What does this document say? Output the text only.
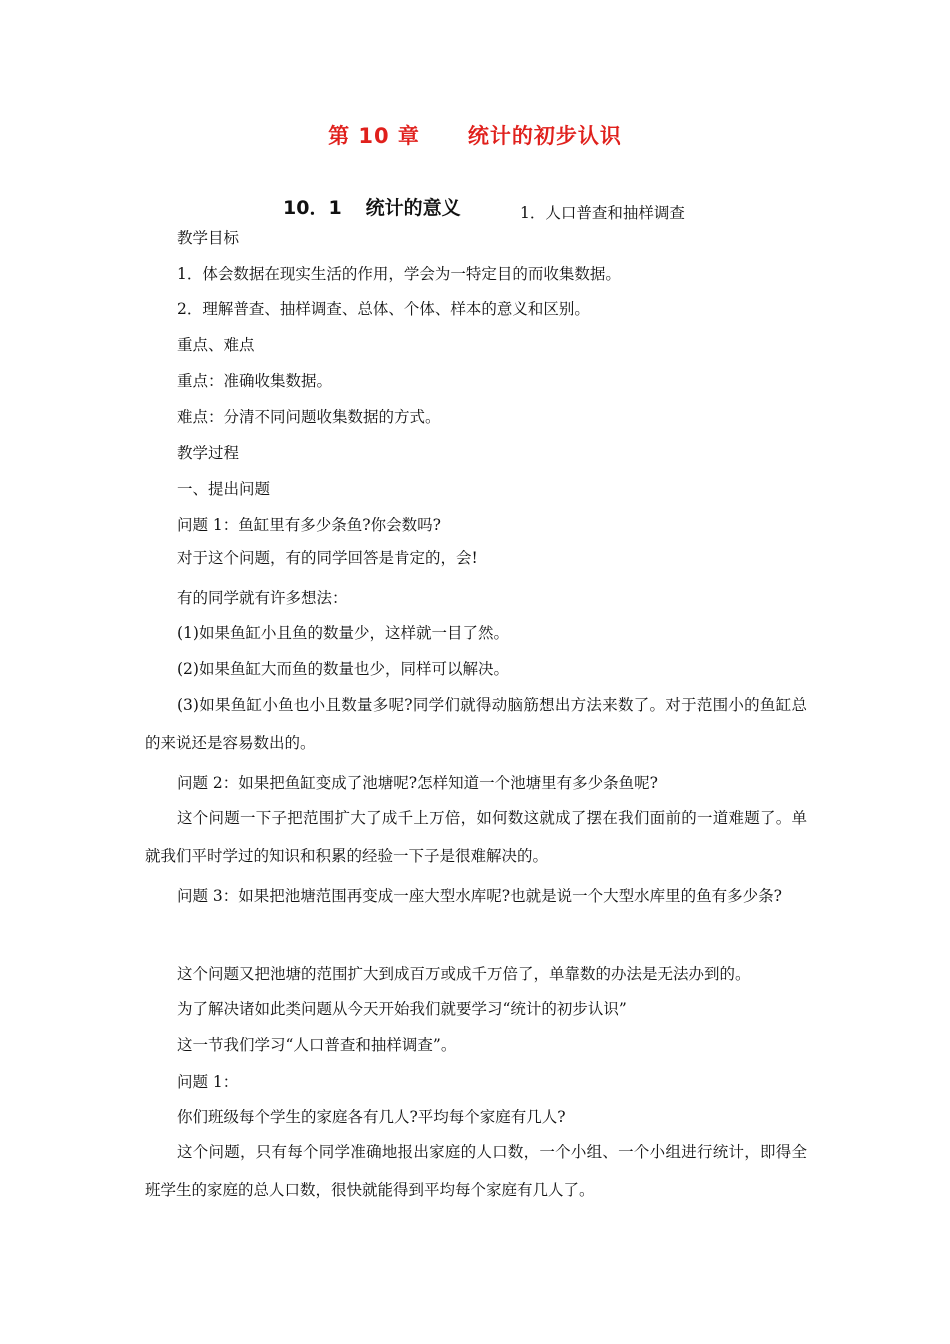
第 10 章 统计的初步认识
10．1 统计的意义	1．人口普查和抽样调查
教学目标
1．体会数据在现实生活的作用，学会为一特定目的而收集数据。
2．理解普查、抽样调查、总体、个体、样本的意义和区别。
重点、难点
重点：准确收集数据。
难点：分清不同问题收集数据的方式。
教学过程
一、提出问题
问题 1：鱼缸里有多少条鱼?你会数吗?
对于这个问题，有的同学回答是肯定的，会!
有的同学就有许多想法：
(1)如果鱼缸小且鱼的数量少，这样就一目了然。
(2)如果鱼缸大而鱼的数量也少，同样可以解决。
(3)如果鱼缸小鱼也小且数量多呢?同学们就得动脑筋想出方法来数了。对于范围小的鱼缸总的来说还是容易数出的。
问题 2：如果把鱼缸变成了池塘呢?怎样知道一个池塘里有多少条鱼呢?
这个问题一下子把范围扩大了成千上万倍，如何数这就成了摆在我们面前的一道难题了。单就我们平时学过的知识和积累的经验一下子是很难解决的。
问题 3：如果把池塘范围再变成一座大型水库呢?也就是说一个大型水库里的鱼有多少条?
这个问题又把池塘的范围扩大到成百万或成千万倍了，单靠数的办法是无法办到的。
为了解决诸如此类问题从今天开始我们就要学习“统计的初步认识”
这一节我们学习“人口普查和抽样调查”。
问题 1：
你们班级每个学生的家庭各有几人?平均每个家庭有几人?
这个问题，只有每个同学准确地报出家庭的人口数，一个小组、一个小组进行统计，即得全班学生的家庭的总人口数，很快就能得到平均每个家庭有几人了。
